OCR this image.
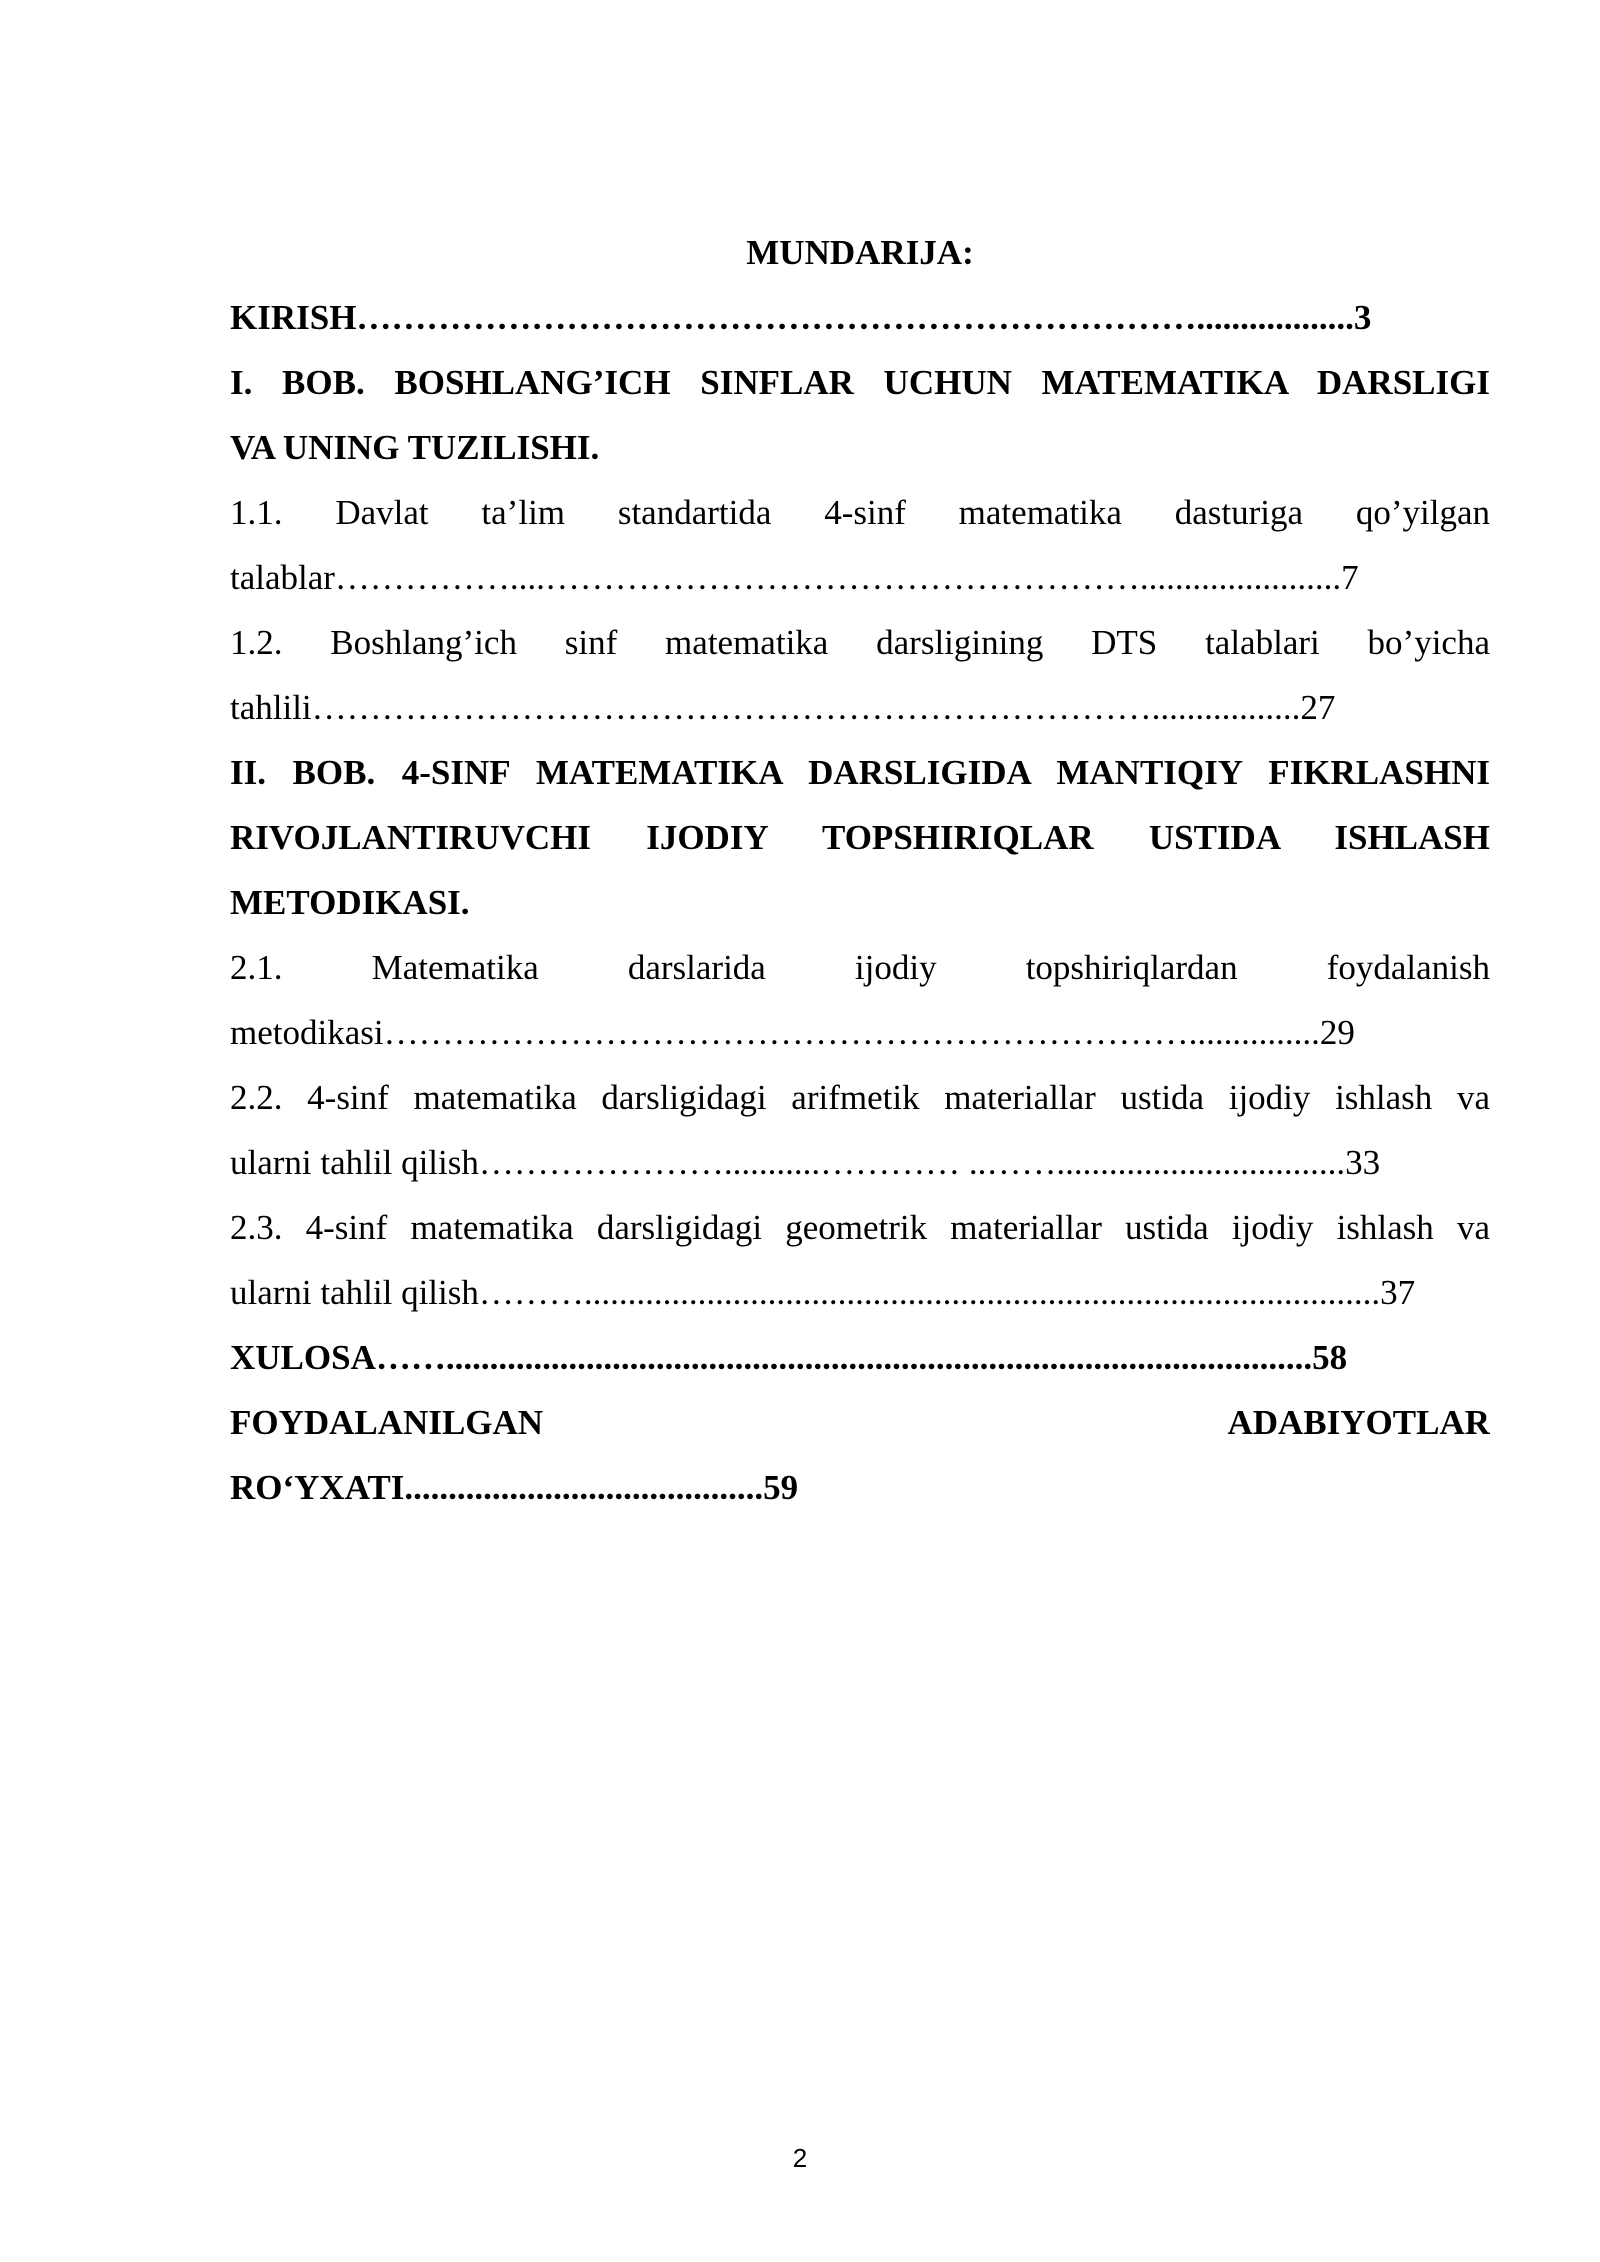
MUNDARIJA:
KIRISH………………………………………………………………..................3
I. BOB. BOSHLANG’ICH SINFLAR UCHUN MATEMATIKA DARSLIGI
VA UNING TUZILISHI.
1.1. Davlat ta’lim standartida 4-sinf matematika dasturiga qo’yilgan
talablar……………....…………………………………………….......................7
1.2. Boshlang’ich sinf matematika darsligining DTS talablari bo’yicha
tahlili……………………………………………………………….................27
II. BOB. 4-SINF MATEMATIKA DARSLIGIDA MANTIQIY FIKRLASHNI
RIVOJLANTIRUVCHI IJODIY TOPSHIRIQLAR USTIDA ISHLASH
METODIKASI.
2.1. Matematika darslarida ijodiy topshiriqlardan foydalanish
metodikasi……………………………………………………………...............29
2.2. 4-sinf matematika darsligidagi arifmetik materiallar ustida ijodiy ishlash va
ularni tahlil qilish…………………...........………… ..…….................................33
2.3. 4-sinf matematika darsligidagi geometrik materiallar ustida ijodiy ishlash va
ularni tahlil qilish………...........................................................................................37
XULOSA……...................................................................................................58
FOYDALANILGAN ADABIYOTLAR
RO‘YXATI.........................................59
2
